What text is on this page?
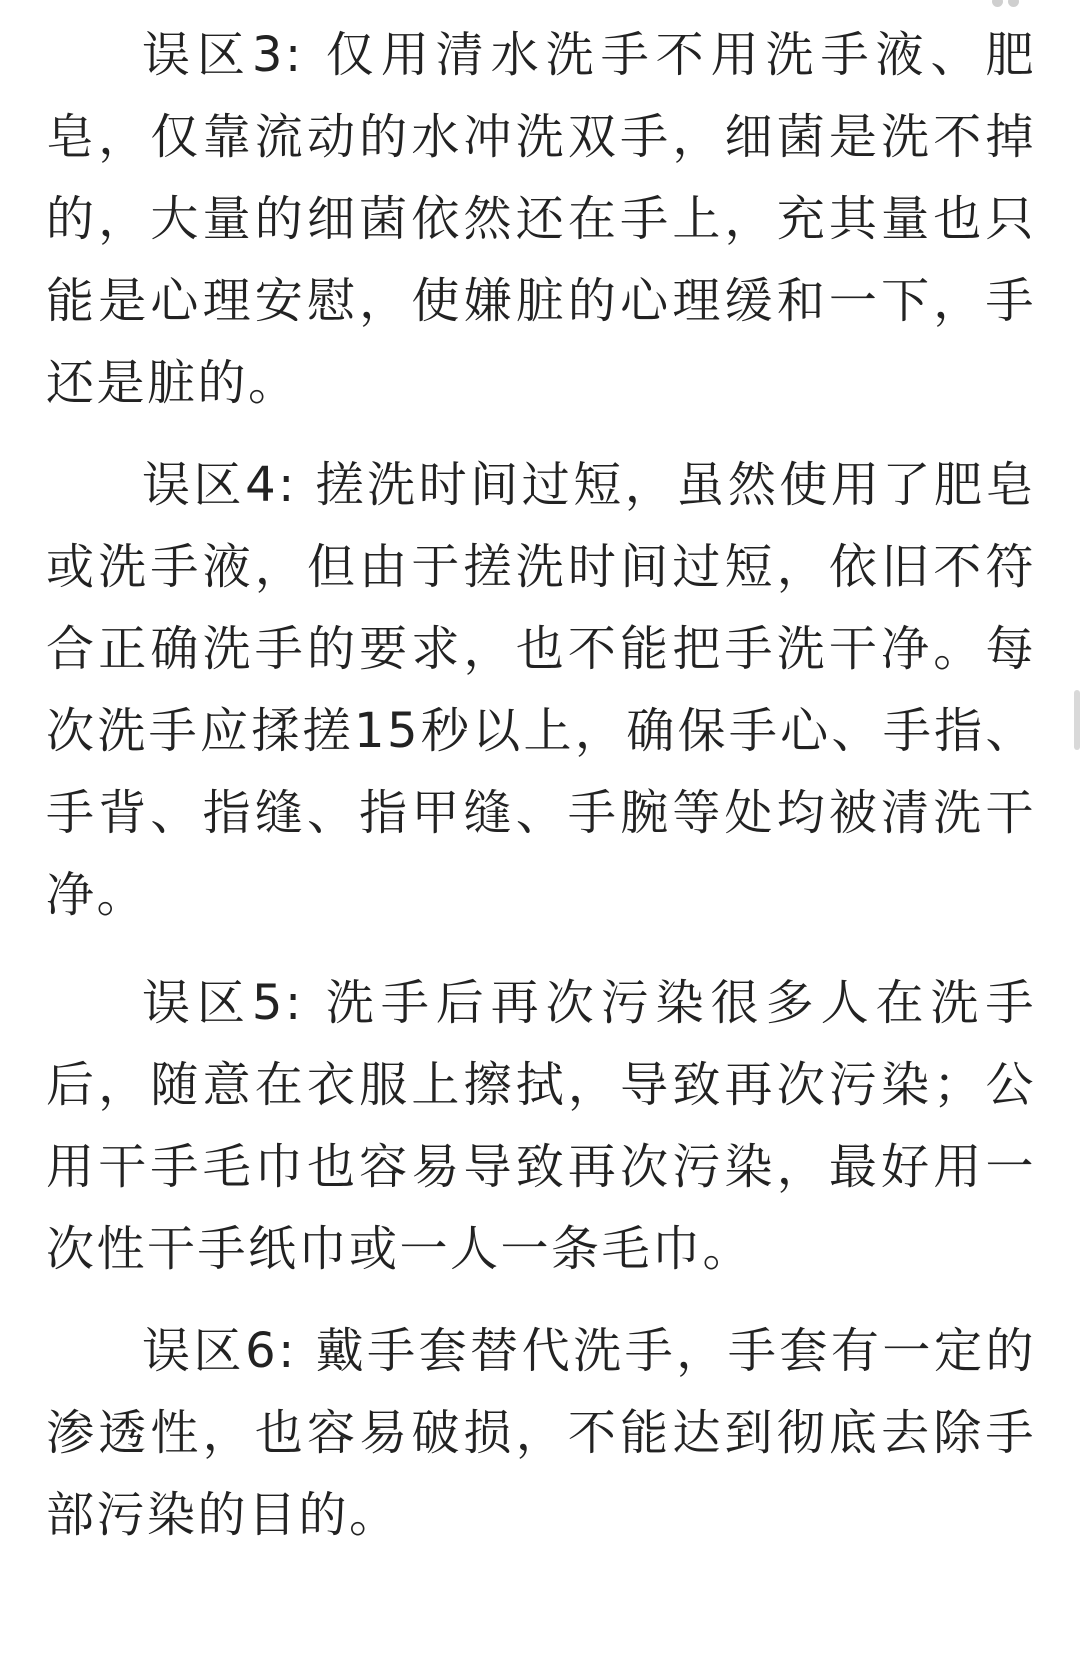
误区3: 仅用清水洗手不用洗手液、肥皂，仅靠流动的水冲洗双手，细菌是洗不掉的，大量的细菌依然还在手上，充其量也只能是心理安慰，使嫌脏的心理缓和一下，手还是脏的。

误区4: 搓洗时间过短，虽然使用了肥皂或洗手液，但由于搓洗时间过短，依旧不符合正确洗手的要求，也不能把手洗干净。每次洗手应揉搓15秒以上，确保手心、手指、手背、指缝、指甲缝、手腕等处均被清洗干净。

误区5: 洗手后再次污染很多人在洗手后，随意在衣服上擦拭，导致再次污染；公用干手毛巾也容易导致再次污染，最好用一次性干手纸巾或一人一条毛巾。

误区6: 戴手套替代洗手，手套有一定的渗透性，也容易破损，不能达到彻底去除手部污染的目的。
